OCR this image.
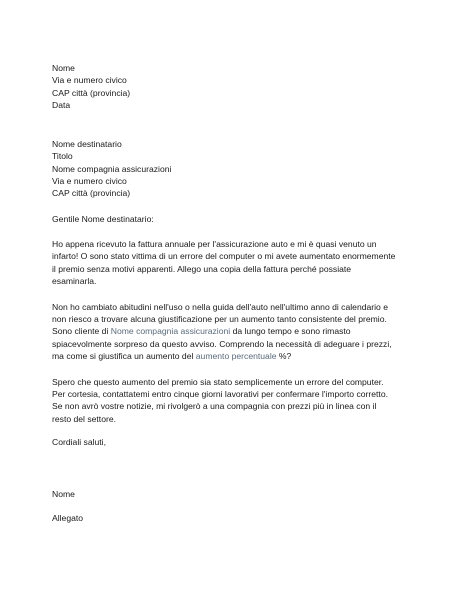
Nome
Via e numero civico
CAP città (provincia)
Data
Nome destinatario
Titolo
Nome compagnia assicurazioni
Via e numero civico
CAP città (provincia)
Gentile Nome destinatario:

Ho appena ricevuto la fattura annuale per l'assicurazione auto e mi è quasi venuto un infarto! O sono stato vittima di un errore del computer o mi avete aumentato enormemente il premio senza motivi apparenti. Allego una copia della fattura perché possiate esaminarla.

Non ho cambiato abitudini nell'uso o nella guida dell'auto nell'ultimo anno di calendario e non riesco a trovare alcuna giustificazione per un aumento tanto consistente del premio. Sono cliente di Nome compagnia assicurazioni da lungo tempo e sono rimasto spiacevolmente sorpreso da questo avviso. Comprendo la necessità di adeguare i prezzi, ma come si giustifica un aumento del aumento percentuale %?

Spero che questo aumento del premio sia stato semplicemente un errore del computer. Per cortesia, contattatemi entro cinque giorni lavorativi per confermare l'importo corretto. Se non avrò vostre notizie, mi rivolgerò a una compagnia con prezzi più in linea con il resto del settore.

Cordiali saluti,
Nome
Allegato
